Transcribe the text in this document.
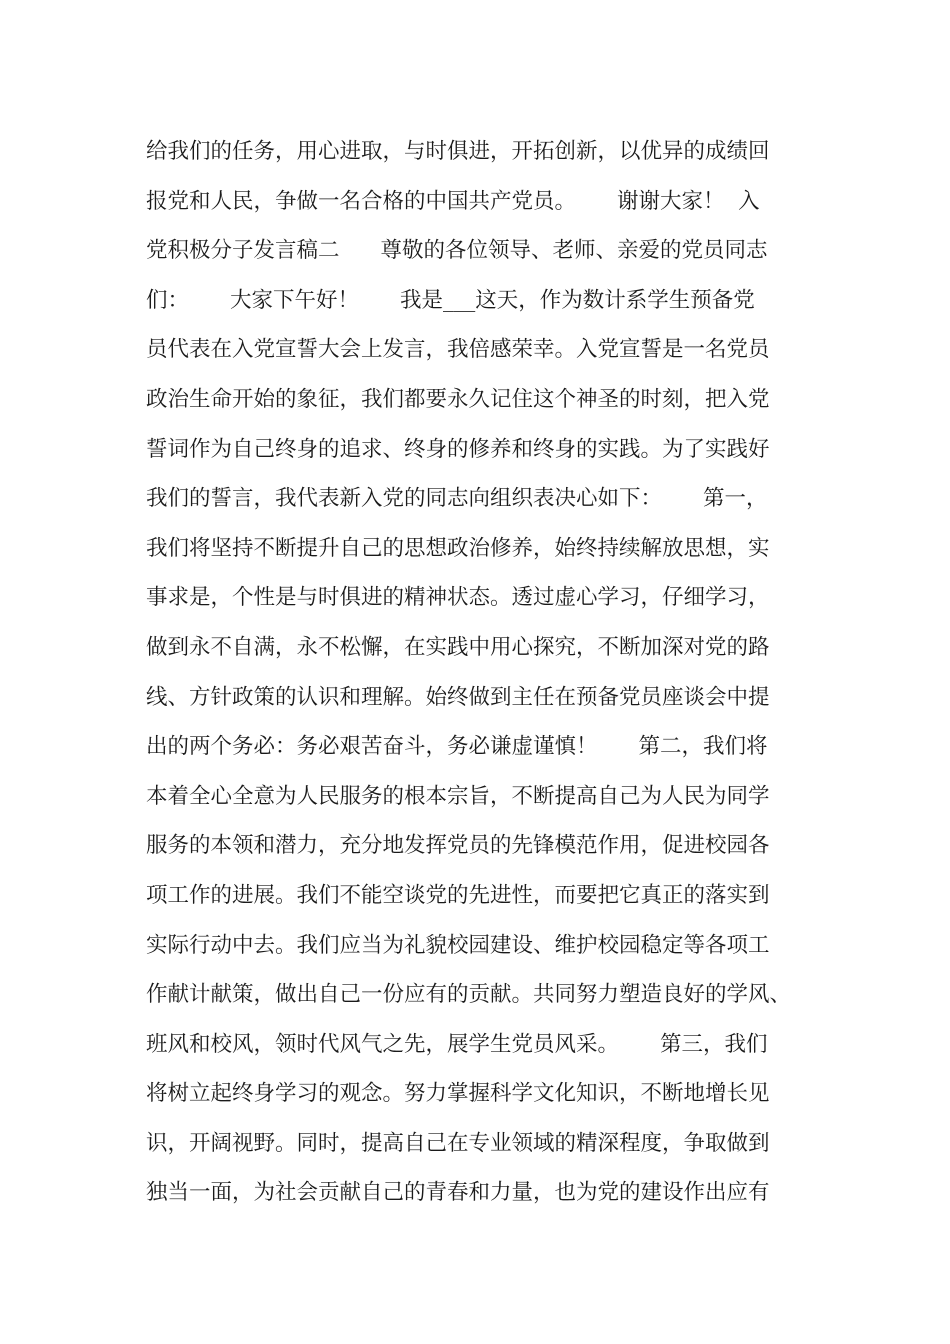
给我们的任务，用心进取，与时俱进，开拓创新，以优异的成绩回
报党和人民，争做一名合格的中国共产党员。      谢谢大家！  入
党积极分子发言稿二      尊敬的各位领导、老师、亲爱的党员同志
们：      大家下午好！      我是___这天，作为数计系学生预备党
员代表在入党宣誓大会上发言，我倍感荣幸。入党宣誓是一名党员
政治生命开始的象征，我们都要永久记住这个神圣的时刻，把入党
誓词作为自己终身的追求、终身的修养和终身的实践。为了实践好
我们的誓言，我代表新入党的同志向组织表决心如下：      第一，
我们将坚持不断提升自己的思想政治修养，始终持续解放思想，实
事求是，个性是与时俱进的精神状态。透过虚心学习，仔细学习，
做到永不自满，永不松懈，在实践中用心探究，不断加深对党的路
线、方针政策的认识和理解。始终做到主任在预备党员座谈会中提
出的两个务必：务必艰苦奋斗，务必谦虚谨慎！      第二，我们将
本着全心全意为人民服务的根本宗旨，不断提高自己为人民为同学
服务的本领和潜力，充分地发挥党员的先锋模范作用，促进校园各
项工作的进展。我们不能空谈党的先进性，而要把它真正的落实到
实际行动中去。我们应当为礼貌校园建设、维护校园稳定等各项工
作献计献策，做出自己一份应有的贡献。共同努力塑造良好的学风、
班风和校风，领时代风气之先，展学生党员风采。      第三，我们
将树立起终身学习的观念。努力掌握科学文化知识，不断地增长见
识，开阔视野。同时，提高自己在专业领域的精深程度，争取做到
独当一面，为社会贡献自己的青春和力量，也为党的建设作出应有
